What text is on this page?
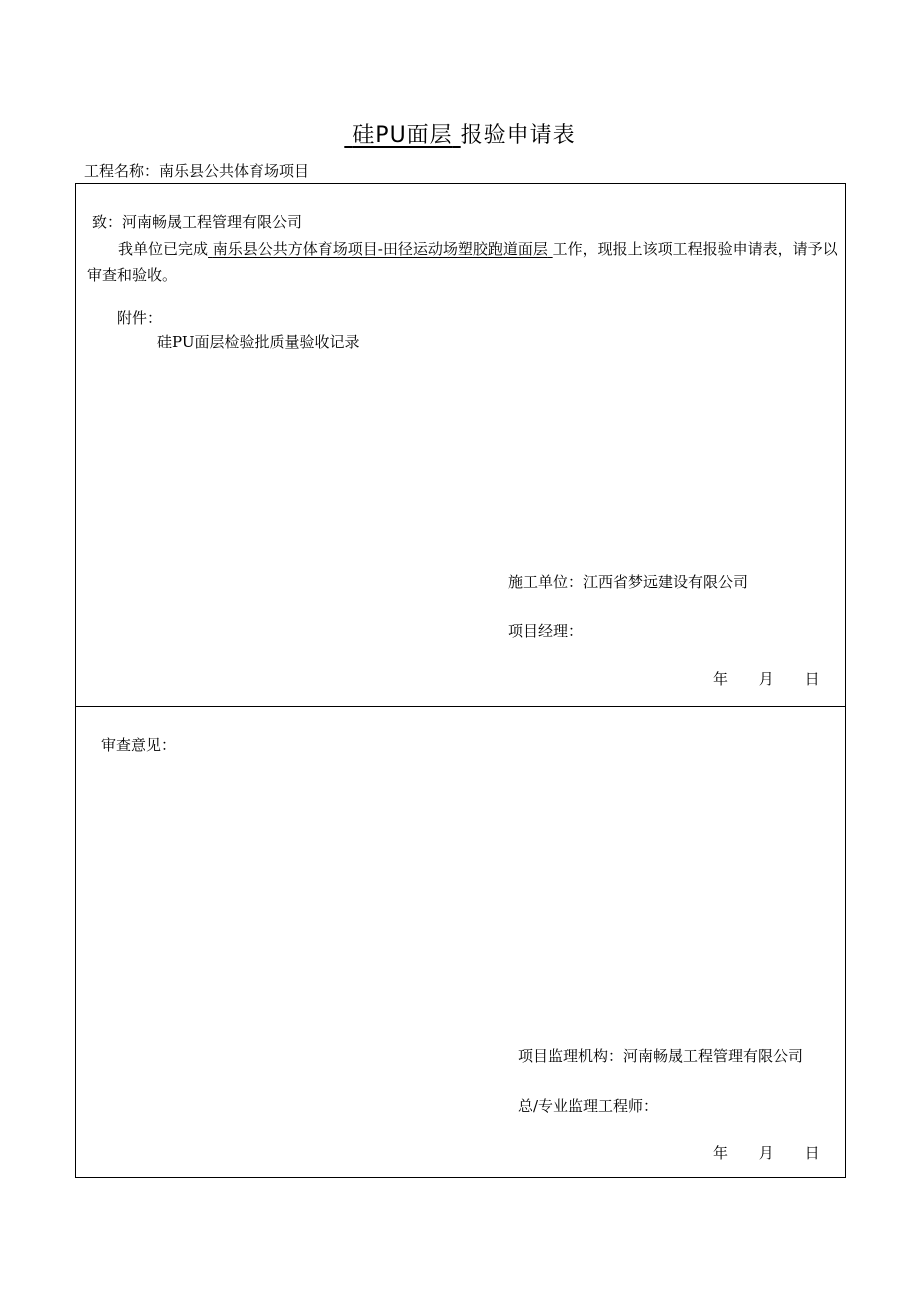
硅PU面层 报验申请表
工程名称：南乐县公共体育场项目
致：河南畅晟工程管理有限公司
我单位已完成 南乐县公共方体育场项目-田径运动场塑胶跑道面层 工作，现报上该项工程报验申请表，请予以审查和验收。
附件：
硅PU面层检验批质量验收记录
施工单位：江西省梦远建设有限公司
项目经理：
年 月 日
审查意见：
项目监理机构：河南畅晟工程管理有限公司
总/专业监理工程师：
年 月 日
